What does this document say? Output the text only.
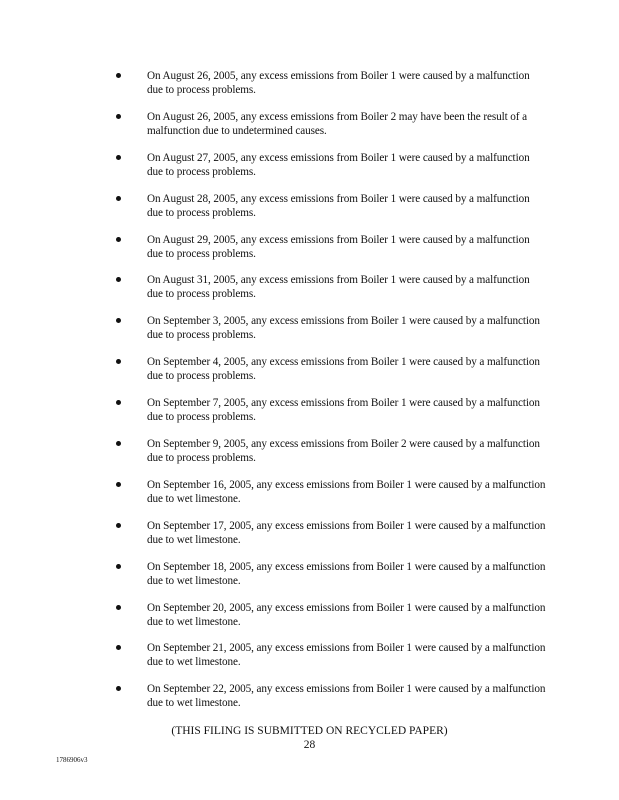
On August 26, 2005, any excess emissions from Boiler 1 were caused by a malfunction due to process problems.
On August 26, 2005, any excess emissions from Boiler 2 may have been the result of a malfunction due to undetermined causes.
On August 27, 2005, any excess emissions from Boiler 1 were caused by a malfunction due to process problems.
On August 28, 2005, any excess emissions from Boiler 1 were caused by a malfunction due to process problems.
On August 29, 2005, any excess emissions from Boiler 1 were caused by a malfunction due to process problems.
On August 31, 2005, any excess emissions from Boiler 1 were caused by a malfunction due to process problems.
On September 3, 2005, any excess emissions from Boiler 1 were caused by a malfunction due to process problems.
On September 4, 2005, any excess emissions from Boiler 1 were caused by a malfunction due to process problems.
On September 7, 2005, any excess emissions from Boiler 1 were caused by a malfunction due to process problems.
On September 9, 2005, any excess emissions from Boiler 2 were caused by a malfunction due to process problems.
On September 16, 2005, any excess emissions from Boiler 1 were caused by a malfunction due to wet limestone.
On September 17, 2005, any excess emissions from Boiler 1 were caused by a malfunction due to wet limestone.
On September 18, 2005, any excess emissions from Boiler 1 were caused by a malfunction due to wet limestone.
On September 20, 2005, any excess emissions from Boiler 1 were caused by a malfunction due to wet limestone.
On September 21, 2005, any excess emissions from Boiler 1 were caused by a malfunction due to wet limestone.
On September 22, 2005, any excess emissions from Boiler 1 were caused by a malfunction due to wet limestone.
(THIS FILING IS SUBMITTED ON RECYCLED PAPER)
28
1786906v3
